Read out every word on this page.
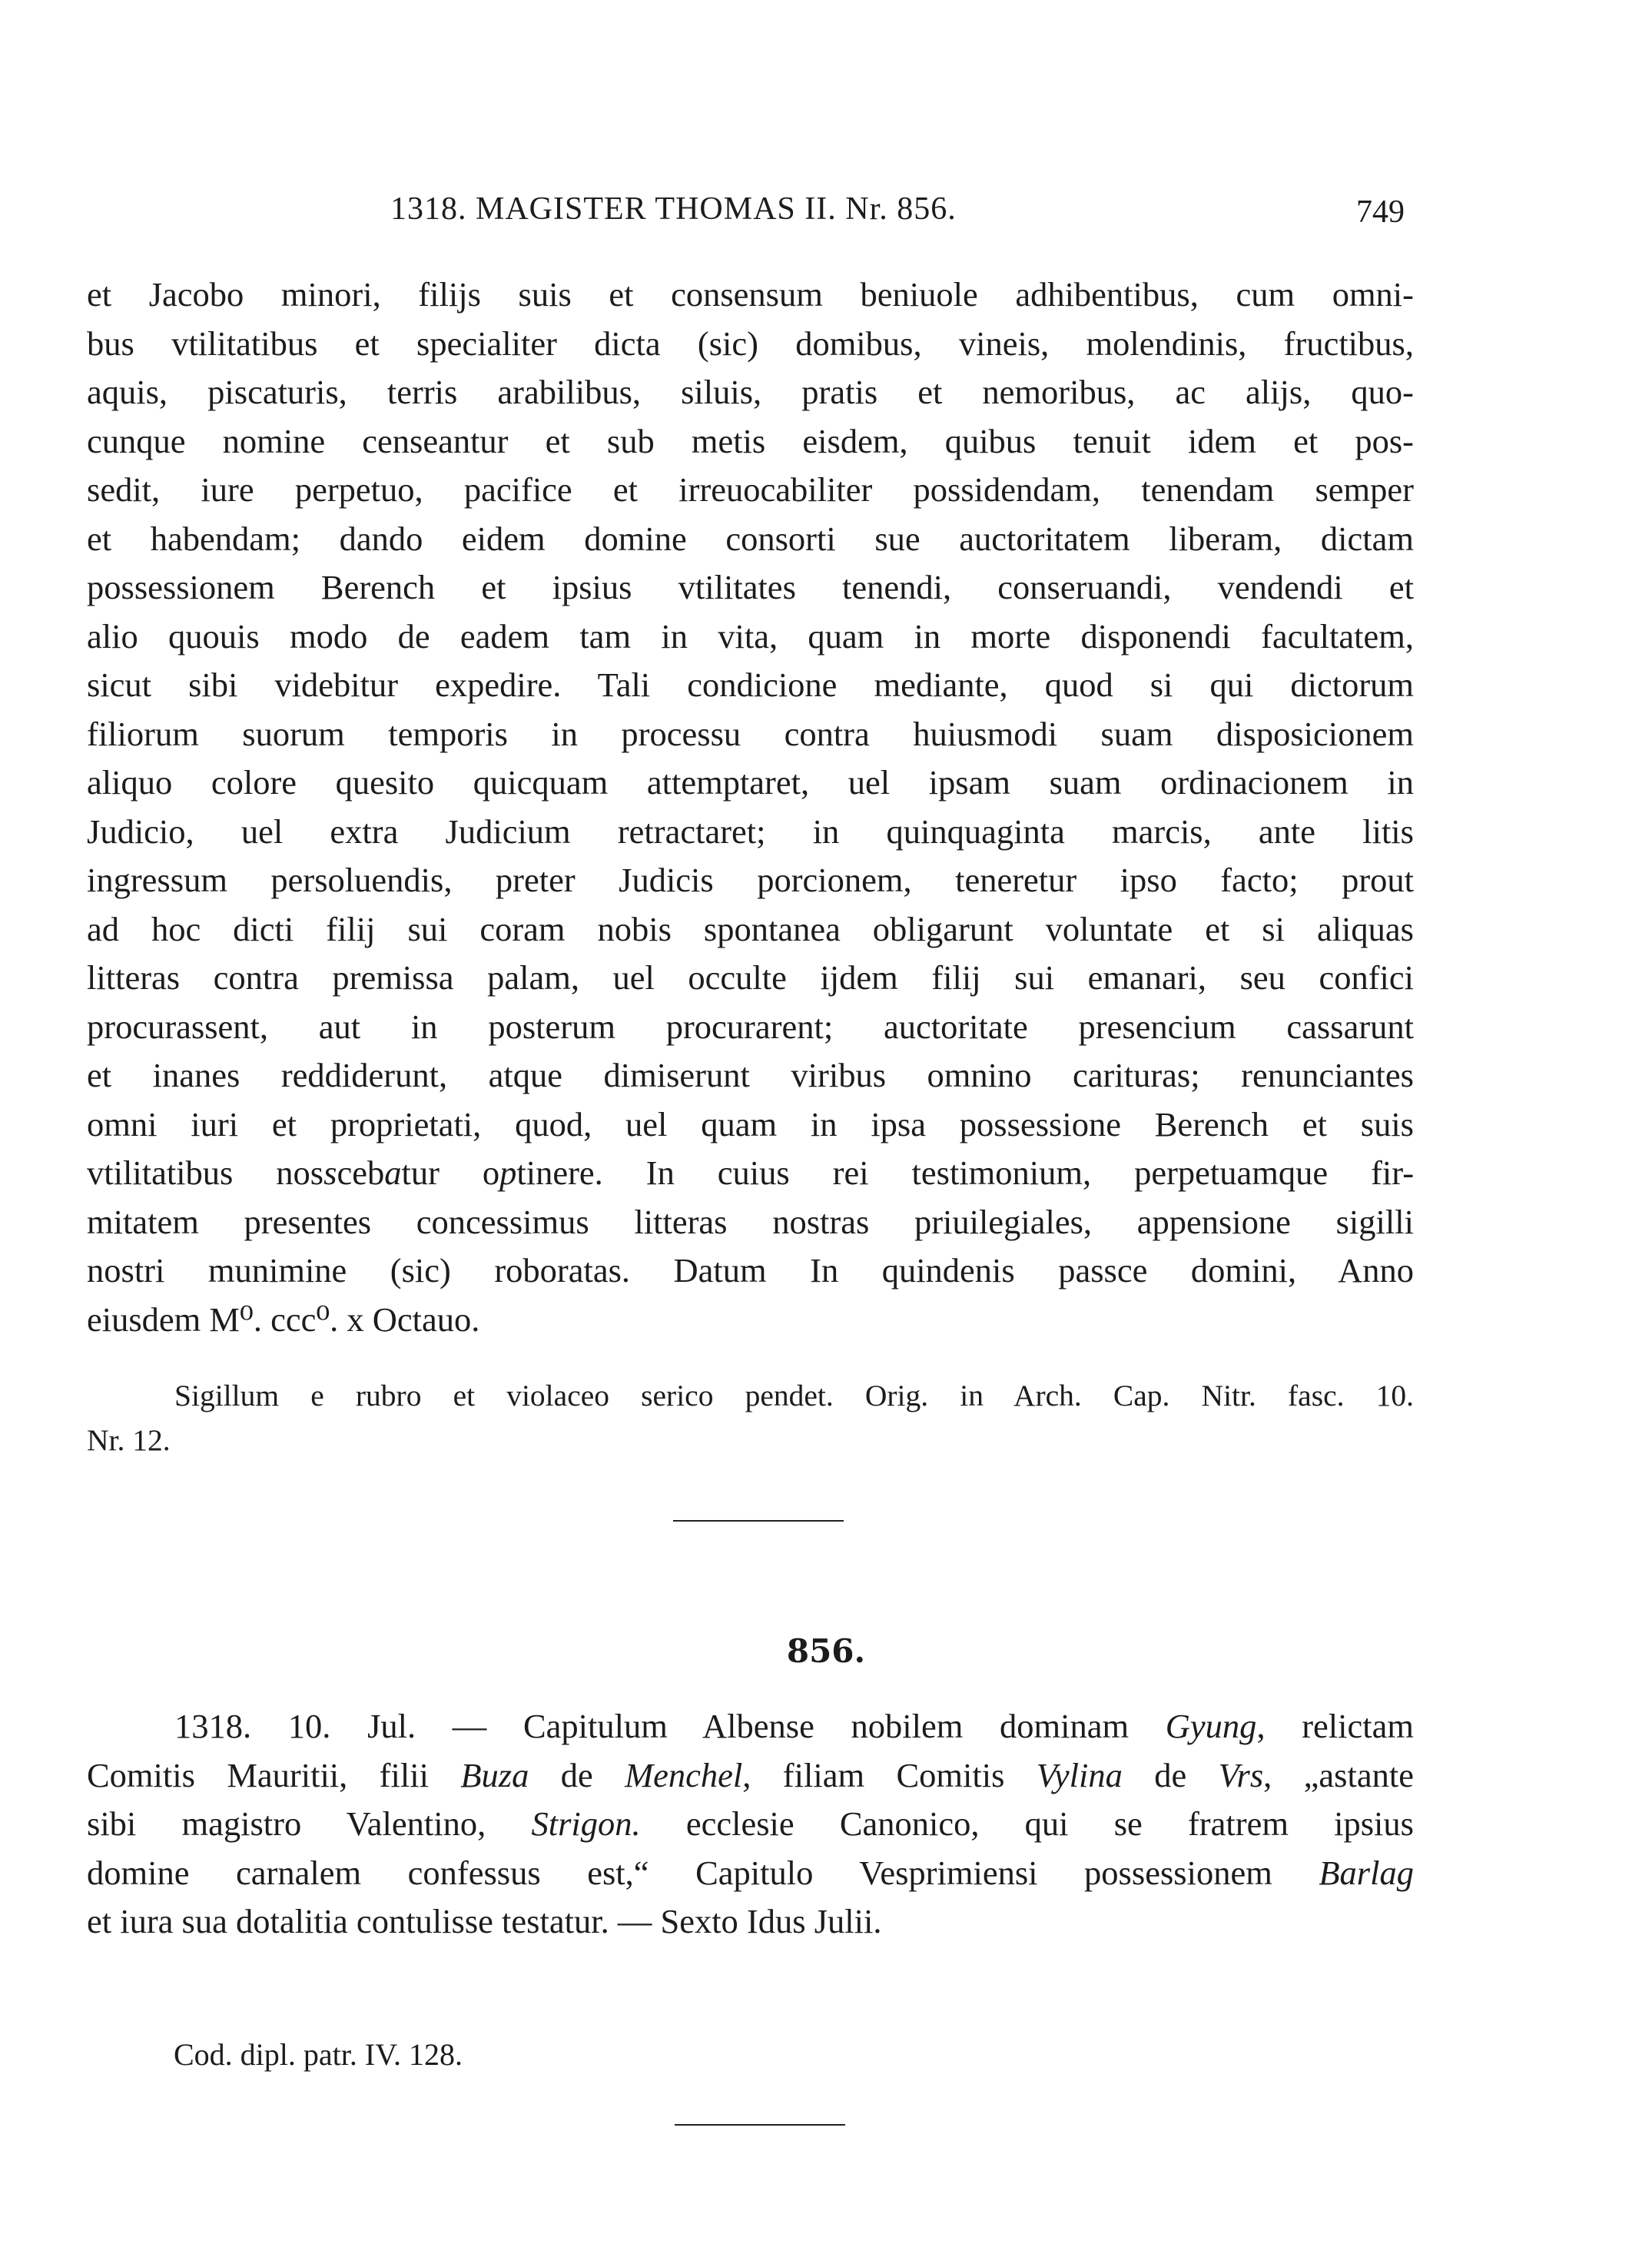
1318. MAGISTER THOMAS II. Nr. 856.	749
et Jacobo minori, filijs suis et consensum beniuole adhibentibus, cum omni-
bus vtilitatibus et specialiter dicta (sic) domibus, vineis, molendinis, fructibus,
aquis, piscaturis, terris arabilibus, siluis, pratis et nemoribus, ac alijs, quo-
cunque nomine censeantur et sub metis eisdem, quibus tenuit idem et pos-
sedit, iure perpetuo, pacifice et irreuocabiliter possidendam, tenendam semper
et habendam; dando eidem domine consorti sue auctoritatem liberam, dictam
possessionem Berench et ipsius vtilitates tenendi, conseruandi, vendendi et
alio quouis modo de eadem tam in vita, quam in morte disponendi facultatem,
sicut sibi videbitur expedire. Tali condicione mediante, quod si qui dictorum
filiorum suorum temporis in processu contra huiusmodi suam disposicionem
aliquo colore quesito quicquam attemptaret, uel ipsam suam ordinacionem in
Judicio, uel extra Judicium retractaret; in quinquaginta marcis, ante litis
ingressum persoluendis, preter Judicis porcionem, teneretur ipso facto; prout
ad hoc dicti filij sui coram nobis spontanea obligarunt voluntate et si aliquas
litteras contra premissa palam, uel occulte ijdem filij sui emanari, seu confici
procurassent, aut in posterum procurarent; auctoritate presencium cassarunt
et inanes reddiderunt, atque dimiserunt viribus omnino carituras; renunciantes
omni iuri et proprietati, quod, uel quam in ipsa possessione Berench et suis
vtilitatibus nosscebatur optinere. In cuius rei testimonium, perpetuamque fir-
mitatem presentes concessimus litteras nostras priuilegiales, appensione sigilli
nostri munimine (sic) roboratas. Datum In quindenis passce domini, Anno
eiusdem M⁰. ccc⁰. x Octauo.
Sigillum e rubro et violaceo serico pendet. Orig. in Arch. Cap. Nitr. fasc. 10.
Nr. 12.
856.
1318. 10. Jul. — Capitulum Albense nobilem dominam Gyung, relictam
Comitis Mauritii, filii Buza de Menchel, filiam Comitis Vylina de Vrs, „astante
sibi magistro Valentino, Strigon. ecclesie Canonico, qui se fratrem ipsius
domine carnalem confessus est,“ Capitulo Vesprimiensi possessionem Barlag
et iura sua dotalitia contulisse testatur. — Sexto Idus Julii.
Cod. dipl. patr. IV. 128.
